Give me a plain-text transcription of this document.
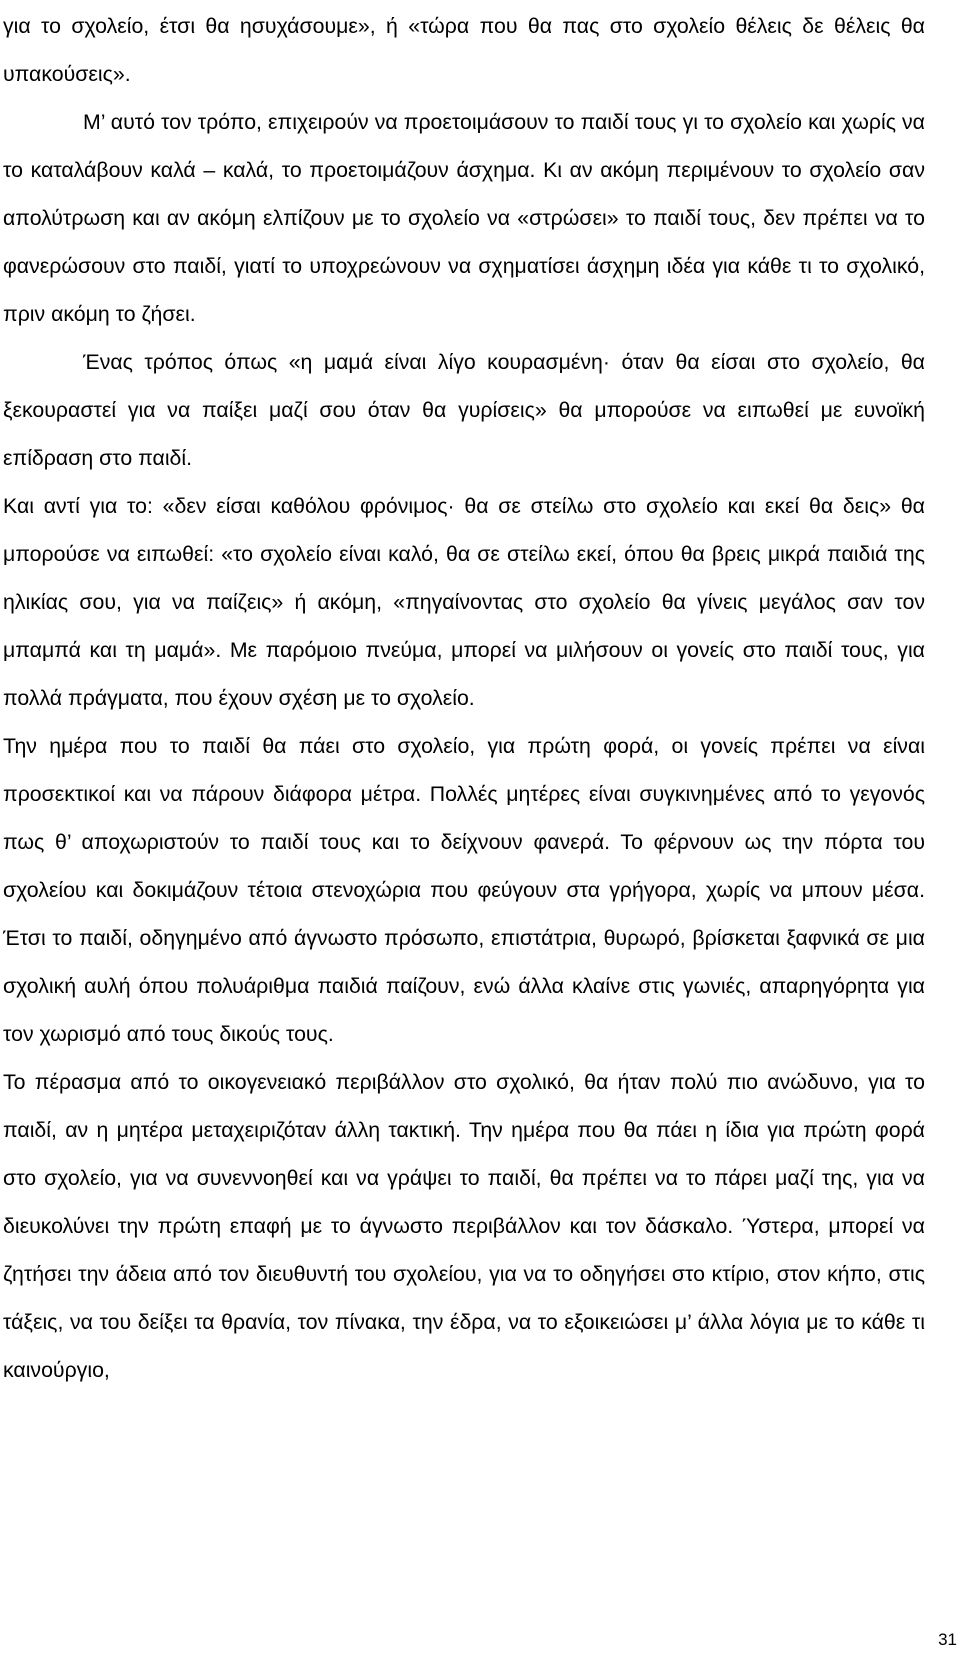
για το σχολείο, έτσι θα ησυχάσουμε», ή «τώρα που θα πας στο σχολείο θέλεις δε θέλεις θα υπακούσεις».

Μ’ αυτό τον τρόπο, επιχειρούν να προετοιμάσουν το παιδί τους γι το σχολείο και χωρίς να το καταλάβουν καλά – καλά, το προετοιμάζουν άσχημα. Κι αν ακόμη περιμένουν το σχολείο σαν απολύτρωση και αν ακόμη ελπίζουν με το σχολείο να «στρώσει» το παιδί τους, δεν πρέπει να το φανερώσουν στο παιδί, γιατί το υποχρεώνουν να σχηματίσει άσχημη ιδέα για κάθε τι το σχολικό, πριν ακόμη το ζήσει.

Ένας τρόπος όπως «η μαμά είναι λίγο κουρασμένη· όταν θα είσαι στο σχολείο, θα ξεκουραστεί για να παίξει μαζί σου όταν θα γυρίσεις» θα μπορούσε να ειπωθεί με ευνοϊκή επίδραση στο παιδί.

Και αντί για το: «δεν είσαι καθόλου φρόνιμος· θα σε στείλω στο σχολείο και εκεί θα δεις» θα μπορούσε να ειπωθεί: «το σχολείο είναι καλό, θα σε στείλω εκεί, όπου θα βρεις μικρά παιδιά της ηλικίας σου, για να παίζεις» ή ακόμη, «πηγαίνοντας στο σχολείο θα γίνεις μεγάλος σαν τον μπαμπά και τη μαμά». Με παρόμοιο πνεύμα, μπορεί να μιλήσουν οι γονείς στο παιδί τους, για πολλά πράγματα, που έχουν σχέση με το σχολείο.

Την ημέρα που το παιδί θα πάει στο σχολείο, για πρώτη φορά, οι γονείς πρέπει να είναι προσεκτικοί και να πάρουν διάφορα μέτρα. Πολλές μητέρες είναι συγκινημένες από το γεγονός πως θ’ αποχωριστούν το παιδί τους και το δείχνουν φανερά. Το φέρνουν ως την πόρτα του σχολείου και δοκιμάζουν τέτοια στενοχώρια που φεύγουν στα γρήγορα, χωρίς να μπουν μέσα. Έτσι το παιδί, οδηγημένο από άγνωστο πρόσωπο, επιστάτρια, θυρωρό, βρίσκεται ξαφνικά σε μια σχολική αυλή όπου πολυάριθμα παιδιά παίζουν, ενώ άλλα κλαίνε στις γωνιές, απαρηγόρητα για τον χωρισμό από τους δικούς τους.

Το πέρασμα από το οικογενειακό περιβάλλον στο σχολικό, θα ήταν πολύ πιο ανώδυνο, για το παιδί, αν η μητέρα μεταχειριζόταν άλλη τακτική. Την ημέρα που θα πάει η ίδια για πρώτη φορά στο σχολείο, για να συνεννοηθεί και να γράψει το παιδί, θα πρέπει να το πάρει μαζί της, για να διευκολύνει την πρώτη επαφή με το άγνωστο περιβάλλον και τον δάσκαλο. Ύστερα, μπορεί να ζητήσει την άδεια από τον διευθυντή του σχολείου, για να το οδηγήσει στο κτίριο, στον κήπο, στις τάξεις, να του δείξει τα θρανία, τον πίνακα, την έδρα, να το εξοικειώσει μ’ άλλα λόγια με το κάθε τι καινούργιο,

31
